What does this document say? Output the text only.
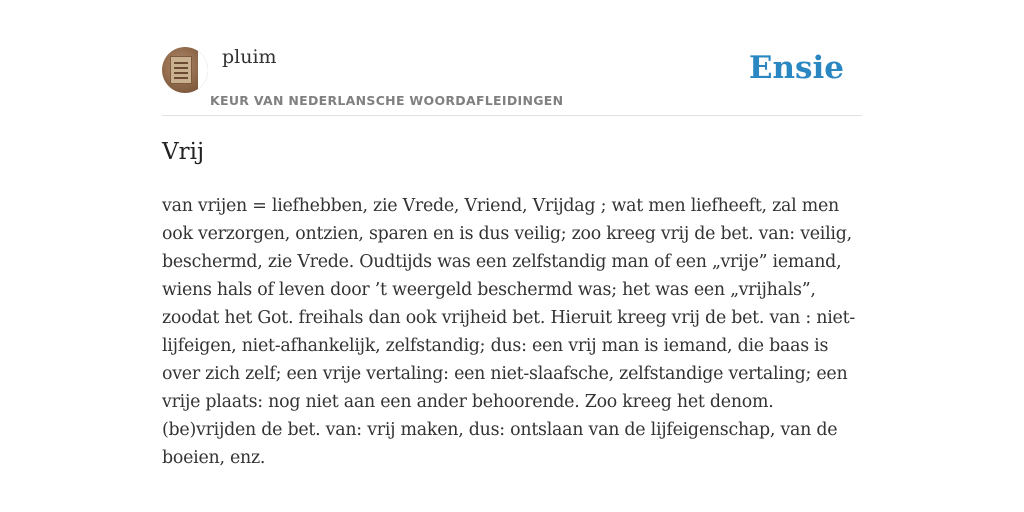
pluim
KEUR VAN NEDERLANSCHE WOORDAFLEIDINGEN
Ensie
Vrij
van vrijen = liefhebben, zie Vrede, Vriend, Vrijdag ; wat men liefheeft, zal men ook verzorgen, ontzien, sparen en is dus veilig; zoo kreeg vrij de bet. van: veilig, beschermd, zie Vrede. Oudtijds was een zelfstandig man of een „vrije” iemand, wiens hals of leven door ’t weergeld beschermd was; het was een „vrijhals”, zoodat het Got. freihals dan ook vrijheid bet. Hieruit kreeg vrij de bet. van : niet-lijfeigen, niet-afhankelijk, zelfstandig; dus: een vrij man is iemand, die baas is over zich zelf; een vrije vertaling: een niet-slaafsche, zelfstandige vertaling; een vrije plaats: nog niet aan een ander behoorende. Zoo kreeg het denom. (be)vrijden de bet. van: vrij maken, dus: ontslaan van de lijfeigenschap, van de boeien, enz.
